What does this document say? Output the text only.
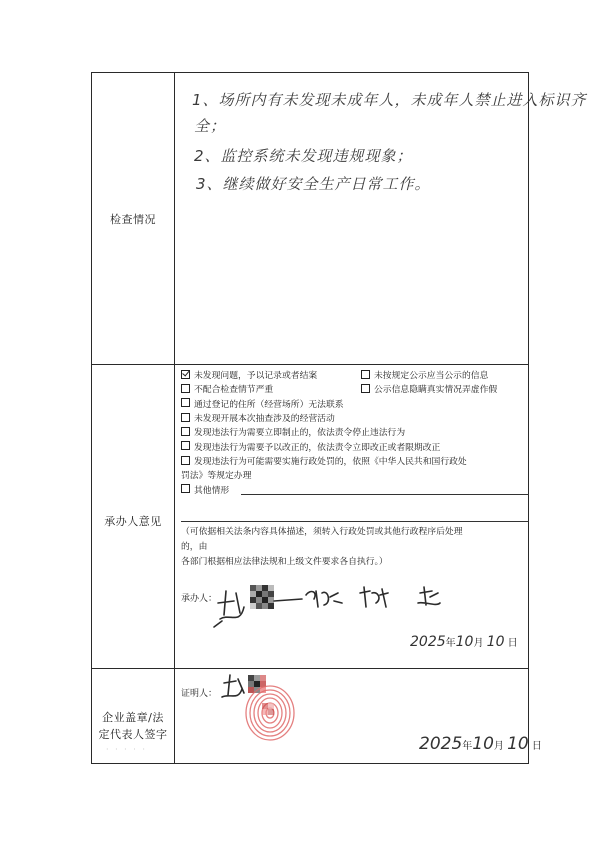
检查情况
承办人意见
企业盖章/法
定代表人签字
· · · · ·
1、场所内有未发现未成年人，未成年人禁止进入标识齐
全；
2、监控系统未发现违规现象；
3、继续做好安全生产日常工作。
未发现问题，予以记录或者结案	未按规定公示应当公示的信息
不配合检查情节严重	公示信息隐瞒真实情况弄虚作假
通过登记的住所（经营场所）无法联系
未发现开展本次抽查涉及的经营活动
发现违法行为需要立即制止的，依法责令停止违法行为
发现违法行为需要予以改正的，依法责令立即改正或者限期改正
发现违法行为可能需要实施行政处罚的，依照《中华人民共和国行政处
罚法》等规定办理
其他情形
（可依据相关法条内容具体描述，须转入行政处罚或其他行政程序后处理
的，由
各部门根据相应法律法规和上级文件要求各自执行。）
承办人：
2025年10月 10 日
证明人：
2025年10月 10 日
